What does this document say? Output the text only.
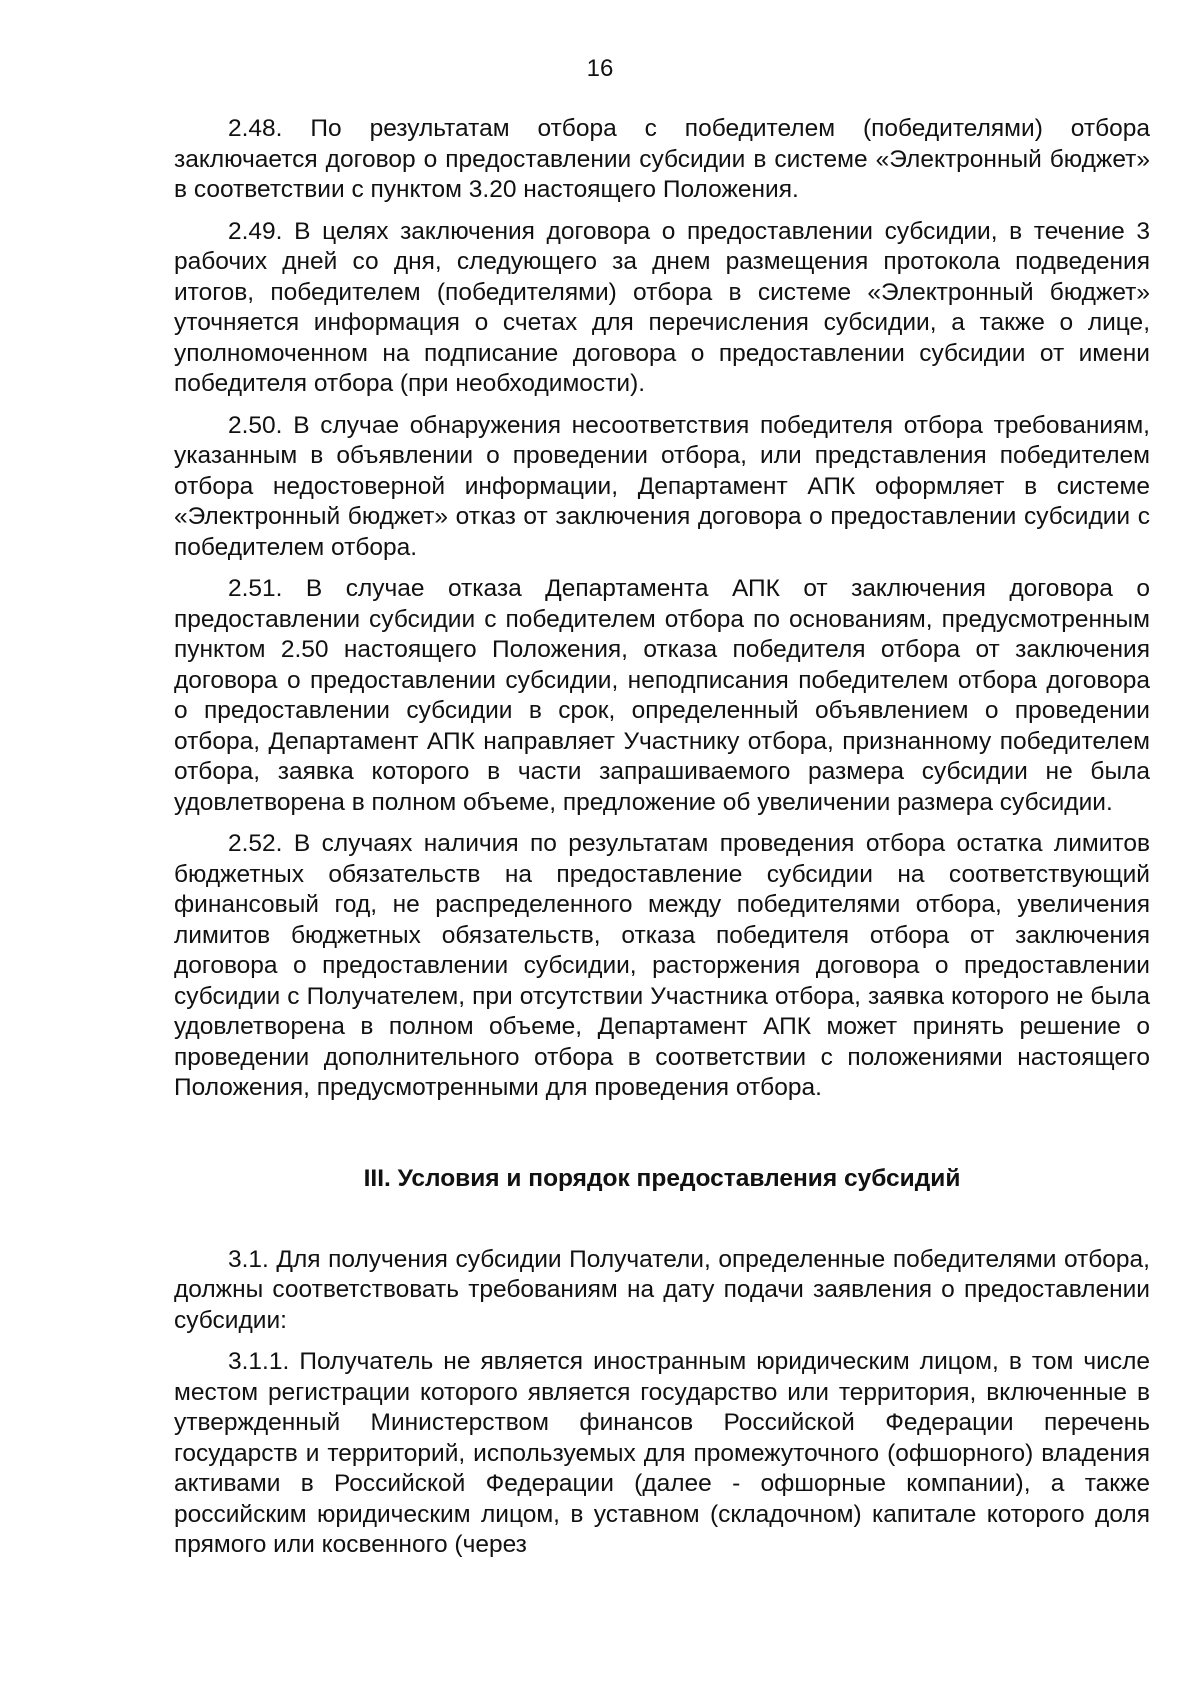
16

2.48. По результатам отбора с победителем (победителями) отбора заключается договор о предоставлении субсидии в системе «Электронный бюджет» в соответствии с пунктом 3.20 настоящего Положения.

2.49. В целях заключения договора о предоставлении субсидии, в течение 3 рабочих дней со дня, следующего за днем размещения протокола подведения итогов, победителем (победителями) отбора в системе «Электронный бюджет» уточняется информация о счетах для перечисления субсидии, а также о лице, уполномоченном на подписание договора о предоставлении субсидии от имени победителя отбора (при необходимости).

2.50. В случае обнаружения несоответствия победителя отбора требованиям, указанным в объявлении о проведении отбора, или представления победителем отбора недостоверной информации, Департамент АПК оформляет в системе «Электронный бюджет» отказ от заключения договора о предоставлении субсидии с победителем отбора.

2.51. В случае отказа Департамента АПК от заключения договора о предоставлении субсидии с победителем отбора по основаниям, предусмотренным пунктом 2.50 настоящего Положения, отказа победителя отбора от заключения договора о предоставлении субсидии, неподписания победителем отбора договора о предоставлении субсидии в срок, определенный объявлением о проведении отбора, Департамент АПК направляет Участнику отбора, признанному победителем отбора, заявка которого в части запрашиваемого размера субсидии не была удовлетворена в полном объеме, предложение об увеличении размера субсидии.

2.52. В случаях наличия по результатам проведения отбора остатка лимитов бюджетных обязательств на предоставление субсидии на соответствующий финансовый год, не распределенного между победителями отбора, увеличения лимитов бюджетных обязательств, отказа победителя отбора от заключения договора о предоставлении субсидии, расторжения договора о предоставлении субсидии с Получателем, при отсутствии Участника отбора, заявка которого не была удовлетворена в полном объеме, Департамент АПК может принять решение о проведении дополнительного отбора в соответствии с положениями настоящего Положения, предусмотренными для проведения отбора.

III. Условия и порядок предоставления субсидий

3.1. Для получения субсидии Получатели, определенные победителями отбора, должны соответствовать требованиям на дату подачи заявления о предоставлении субсидии:

3.1.1. Получатель не является иностранным юридическим лицом, в том числе местом регистрации которого является государство или территория, включенные в утвержденный Министерством финансов Российской Федерации перечень государств и территорий, используемых для промежуточного (офшорного) владения активами в Российской Федерации (далее - офшорные компании), а также российским юридическим лицом, в уставном (складочном) капитале которого доля прямого или косвенного (через
